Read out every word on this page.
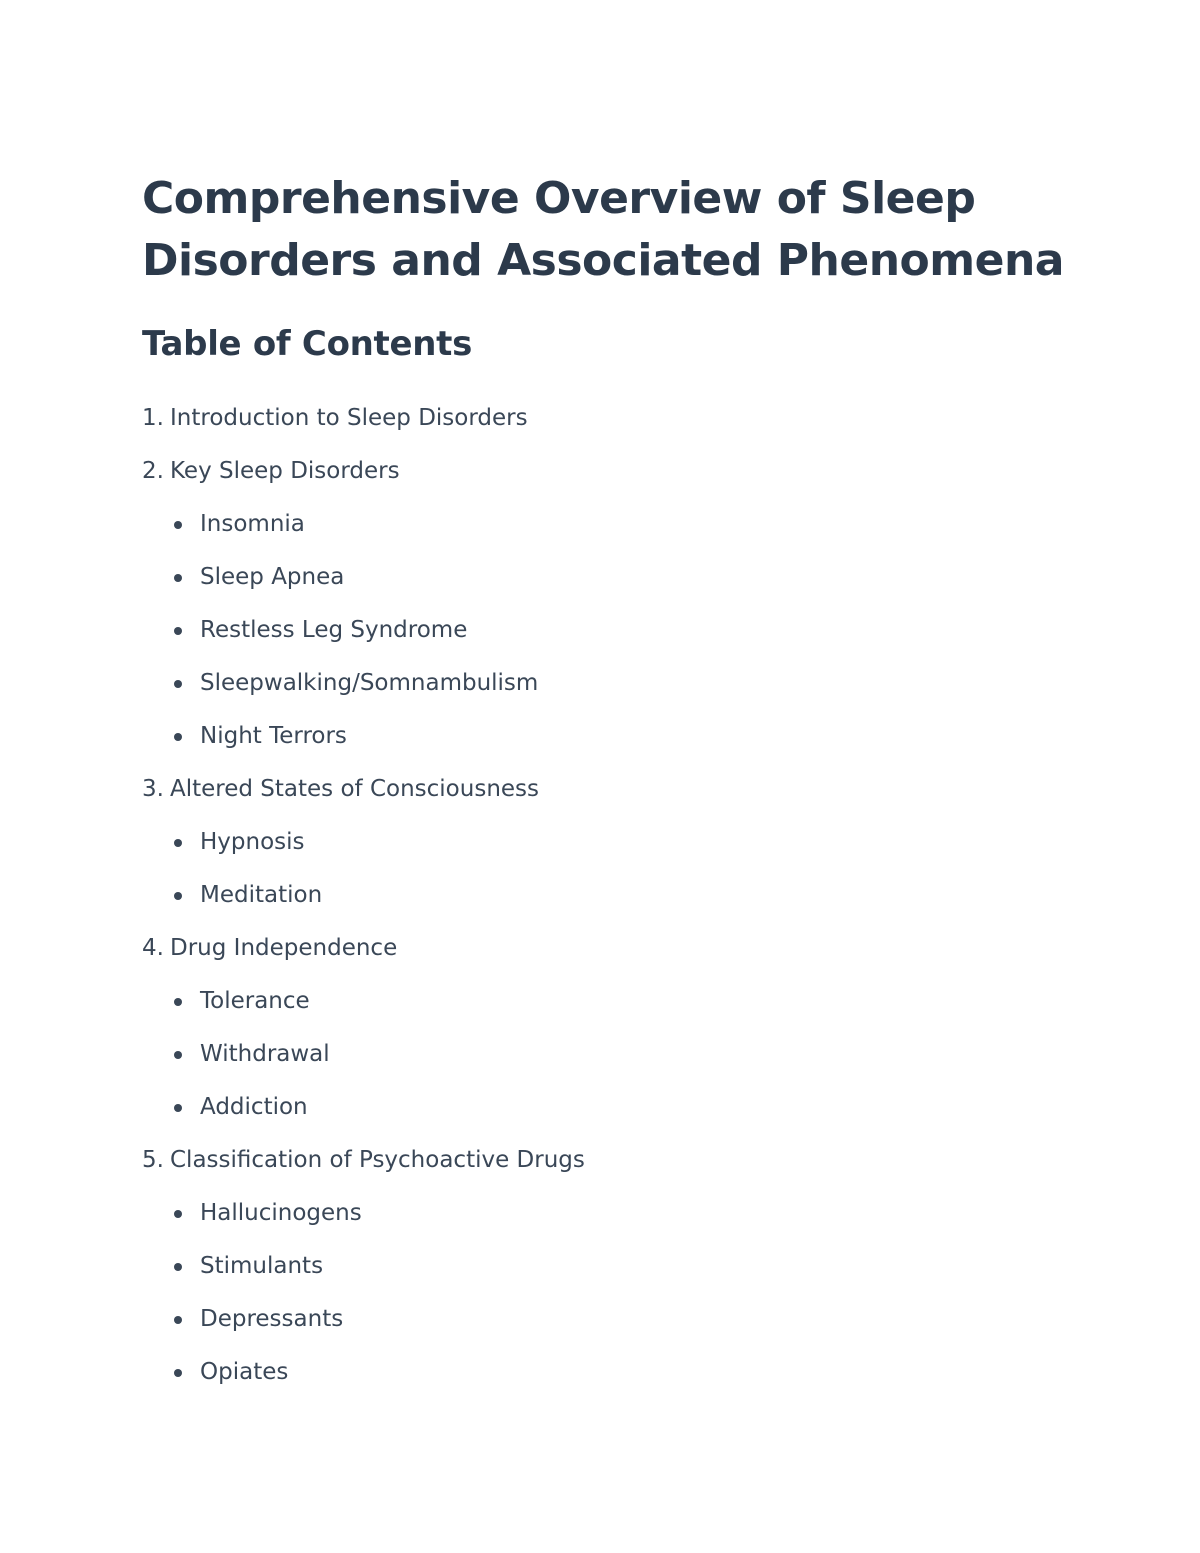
Comprehensive Overview of Sleep Disorders and Associated Phenomena
Table of Contents
1. Introduction to Sleep Disorders
2. Key Sleep Disorders
Insomnia
Sleep Apnea
Restless Leg Syndrome
Sleepwalking/Somnambulism
Night Terrors
3. Altered States of Consciousness
Hypnosis
Meditation
4. Drug Independence
Tolerance
Withdrawal
Addiction
5. Classification of Psychoactive Drugs
Hallucinogens
Stimulants
Depressants
Opiates
